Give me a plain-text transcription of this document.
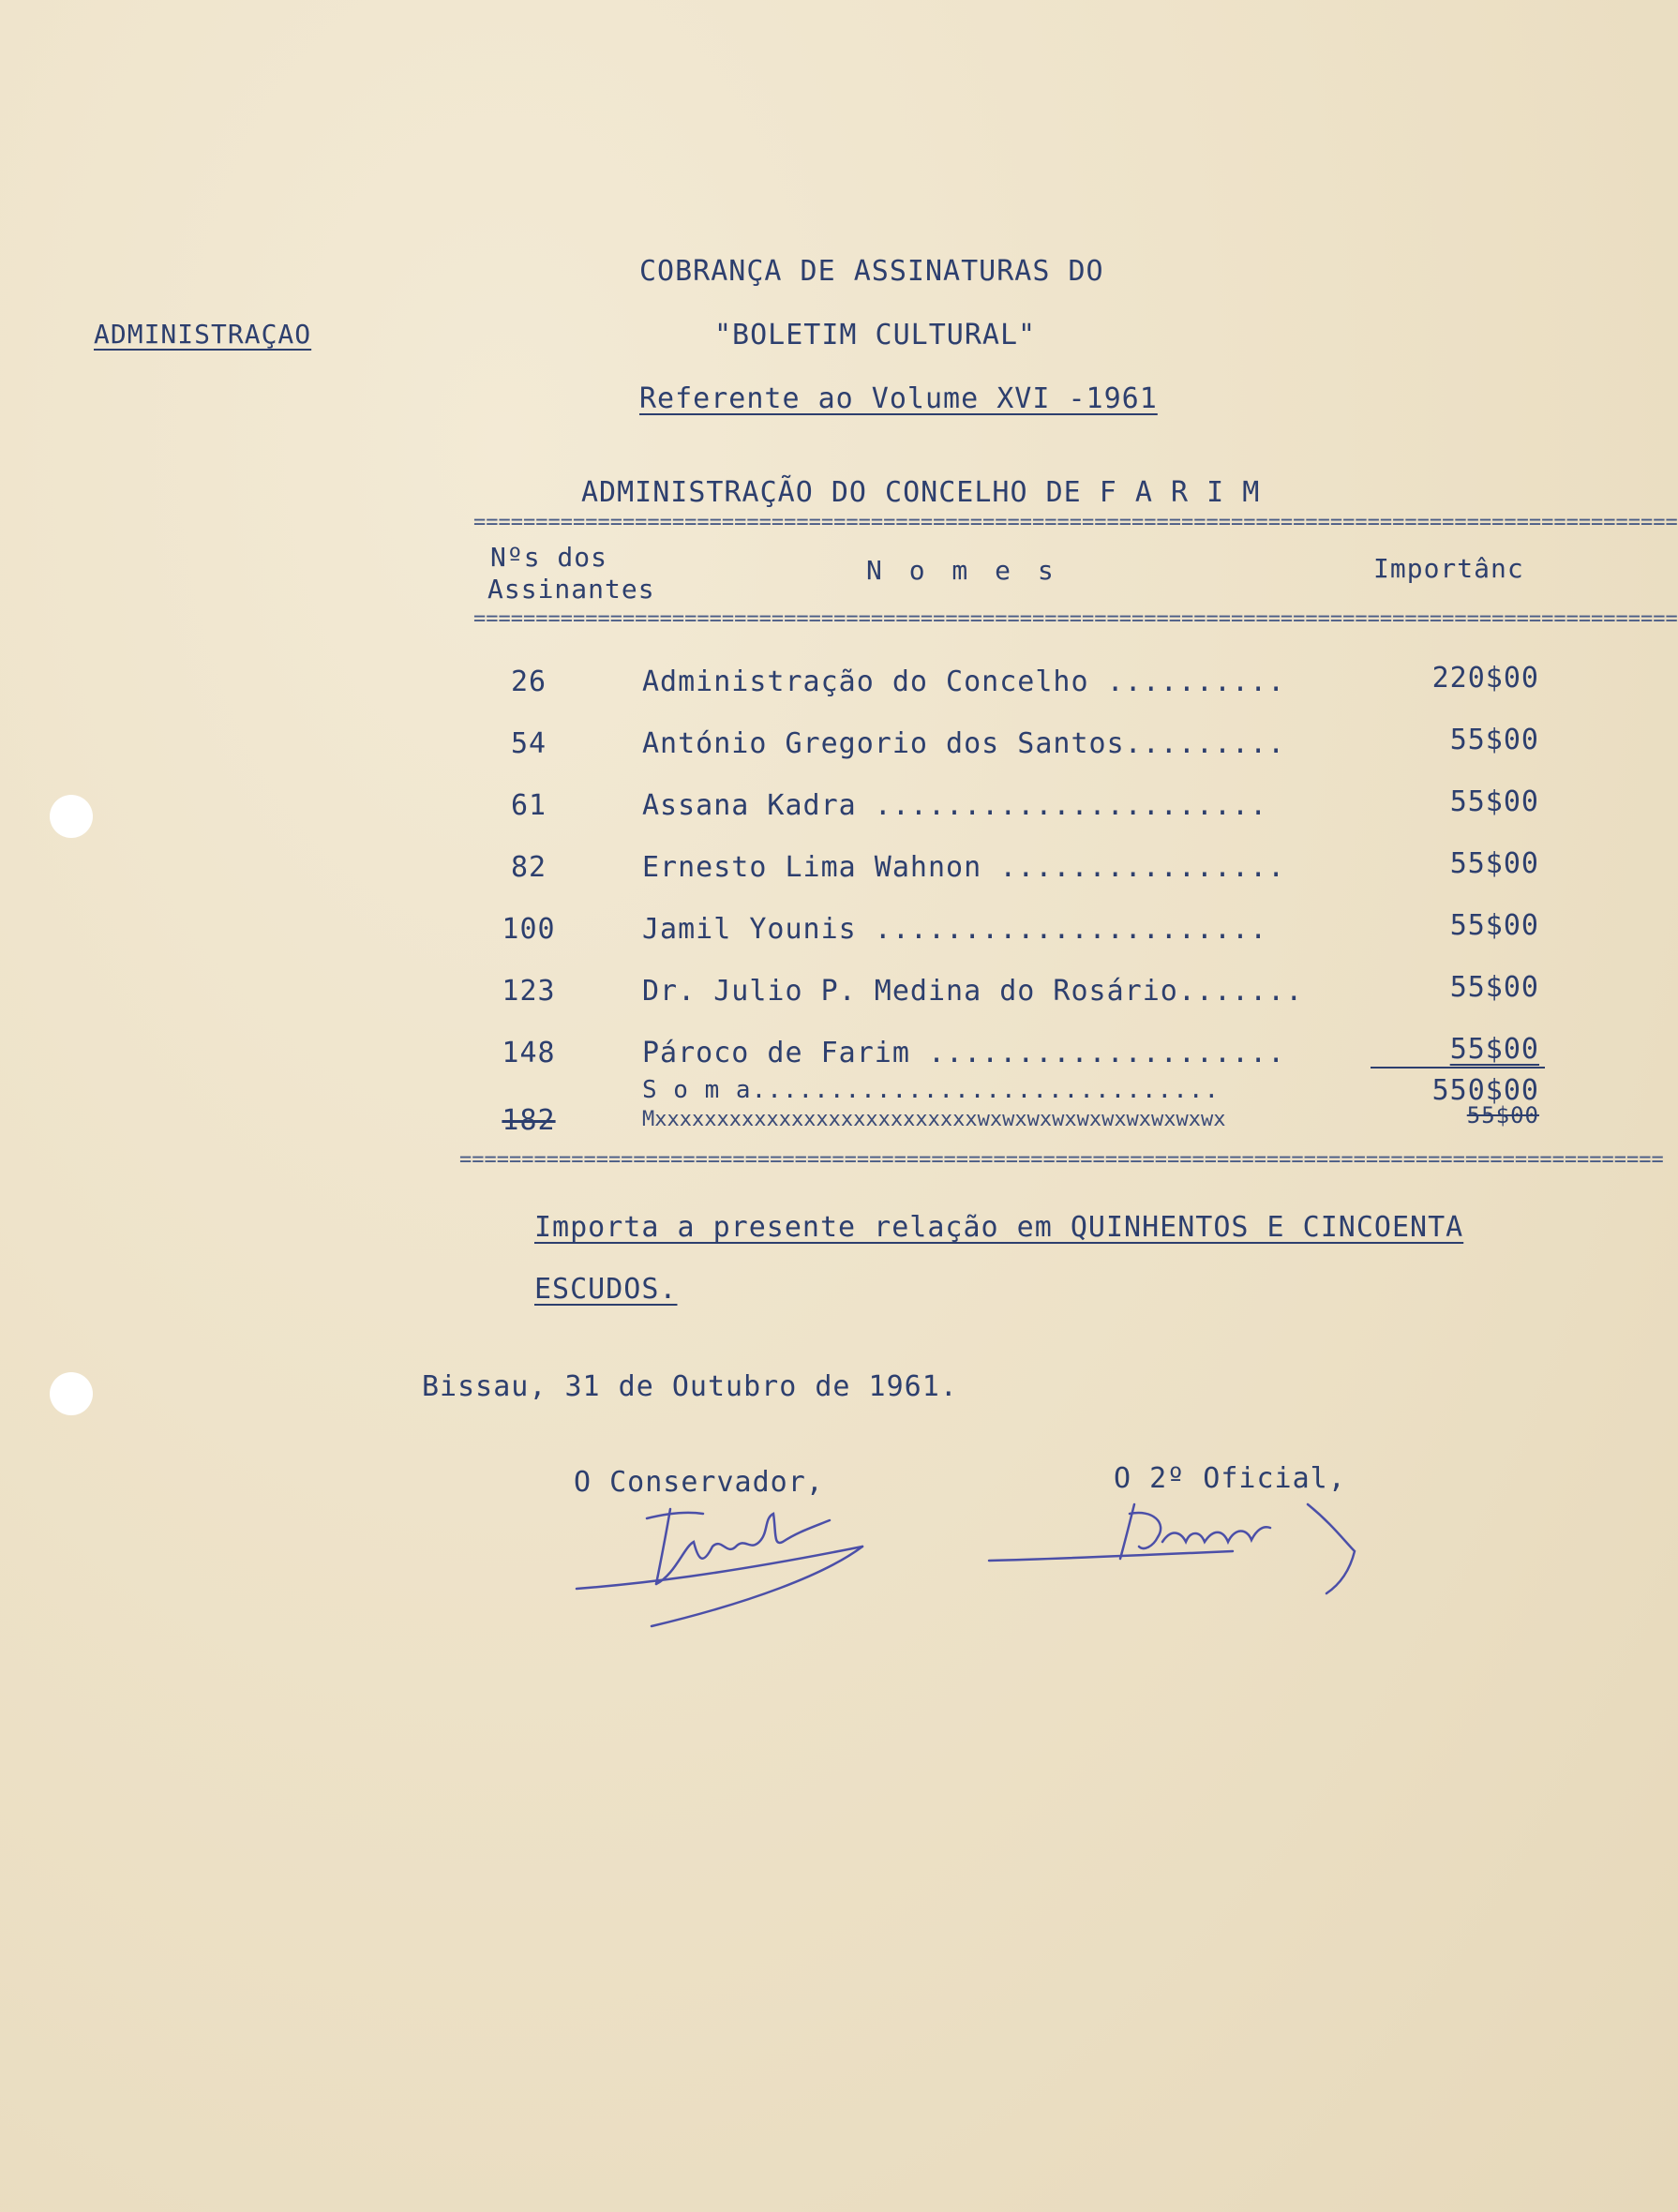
ADMINISTRAÇAO
COBRANÇA DE ASSINATURAS DO
"BOLETIM CULTURAL"
Referente ao Volume XVI -1961
ADMINISTRAÇÃO DO CONCELHO DE F A R I M
=================================================================================================
=================================================================================================
Nºs dos
Assinantes
N o m e s	Importânc
26	Administração do Concelho ..........	220$00
54	António Gregorio dos Santos.........	55$00
61	Assana Kadra ......................	55$00
82	Ernesto Lima Wahnon ................	55$00
100	Jamil Younis ......................	55$00
123	Dr. Julio P. Medina do Rosário.......	55$00
148	Pároco de Farim ....................	55$00
S o m a..............................	550$00
182	Mxxxxxxxxxxxxxxxxxxxxxxxxxxwxwxwxwxwxwxwxwxwxwx	55$00
=================================================================================================
Importa a presente relação em QUINHENTOS E CINCOENTA
ESCUDOS.
Bissau, 31 de Outubro de 1961.
O Conservador,	O 2º Oficial,
